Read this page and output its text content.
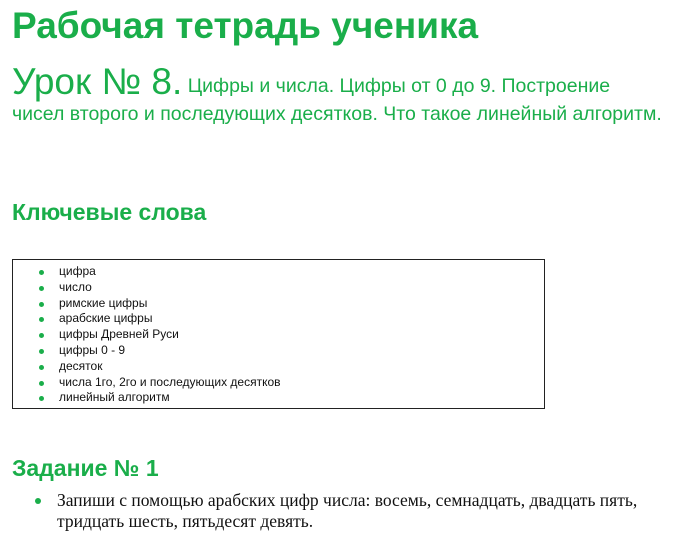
Рабочая тетрадь ученика

Урок № 8. Цифры и числа. Цифры от 0 до 9. Построение чисел второго и последующих десятков. Что такое линейный алгоритм.

Ключевые слова
цифра
число
римские цифры
арабские цифры
цифры Древней Руси
цифры 0 - 9
десяток
числа 1го, 2го и последующих десятков
линейный алгоритм
Задание № 1
Запиши с помощью арабских цифр числа: восемь, семнадцать, двадцать пять, тридцать шесть, пятьдесят девять.
